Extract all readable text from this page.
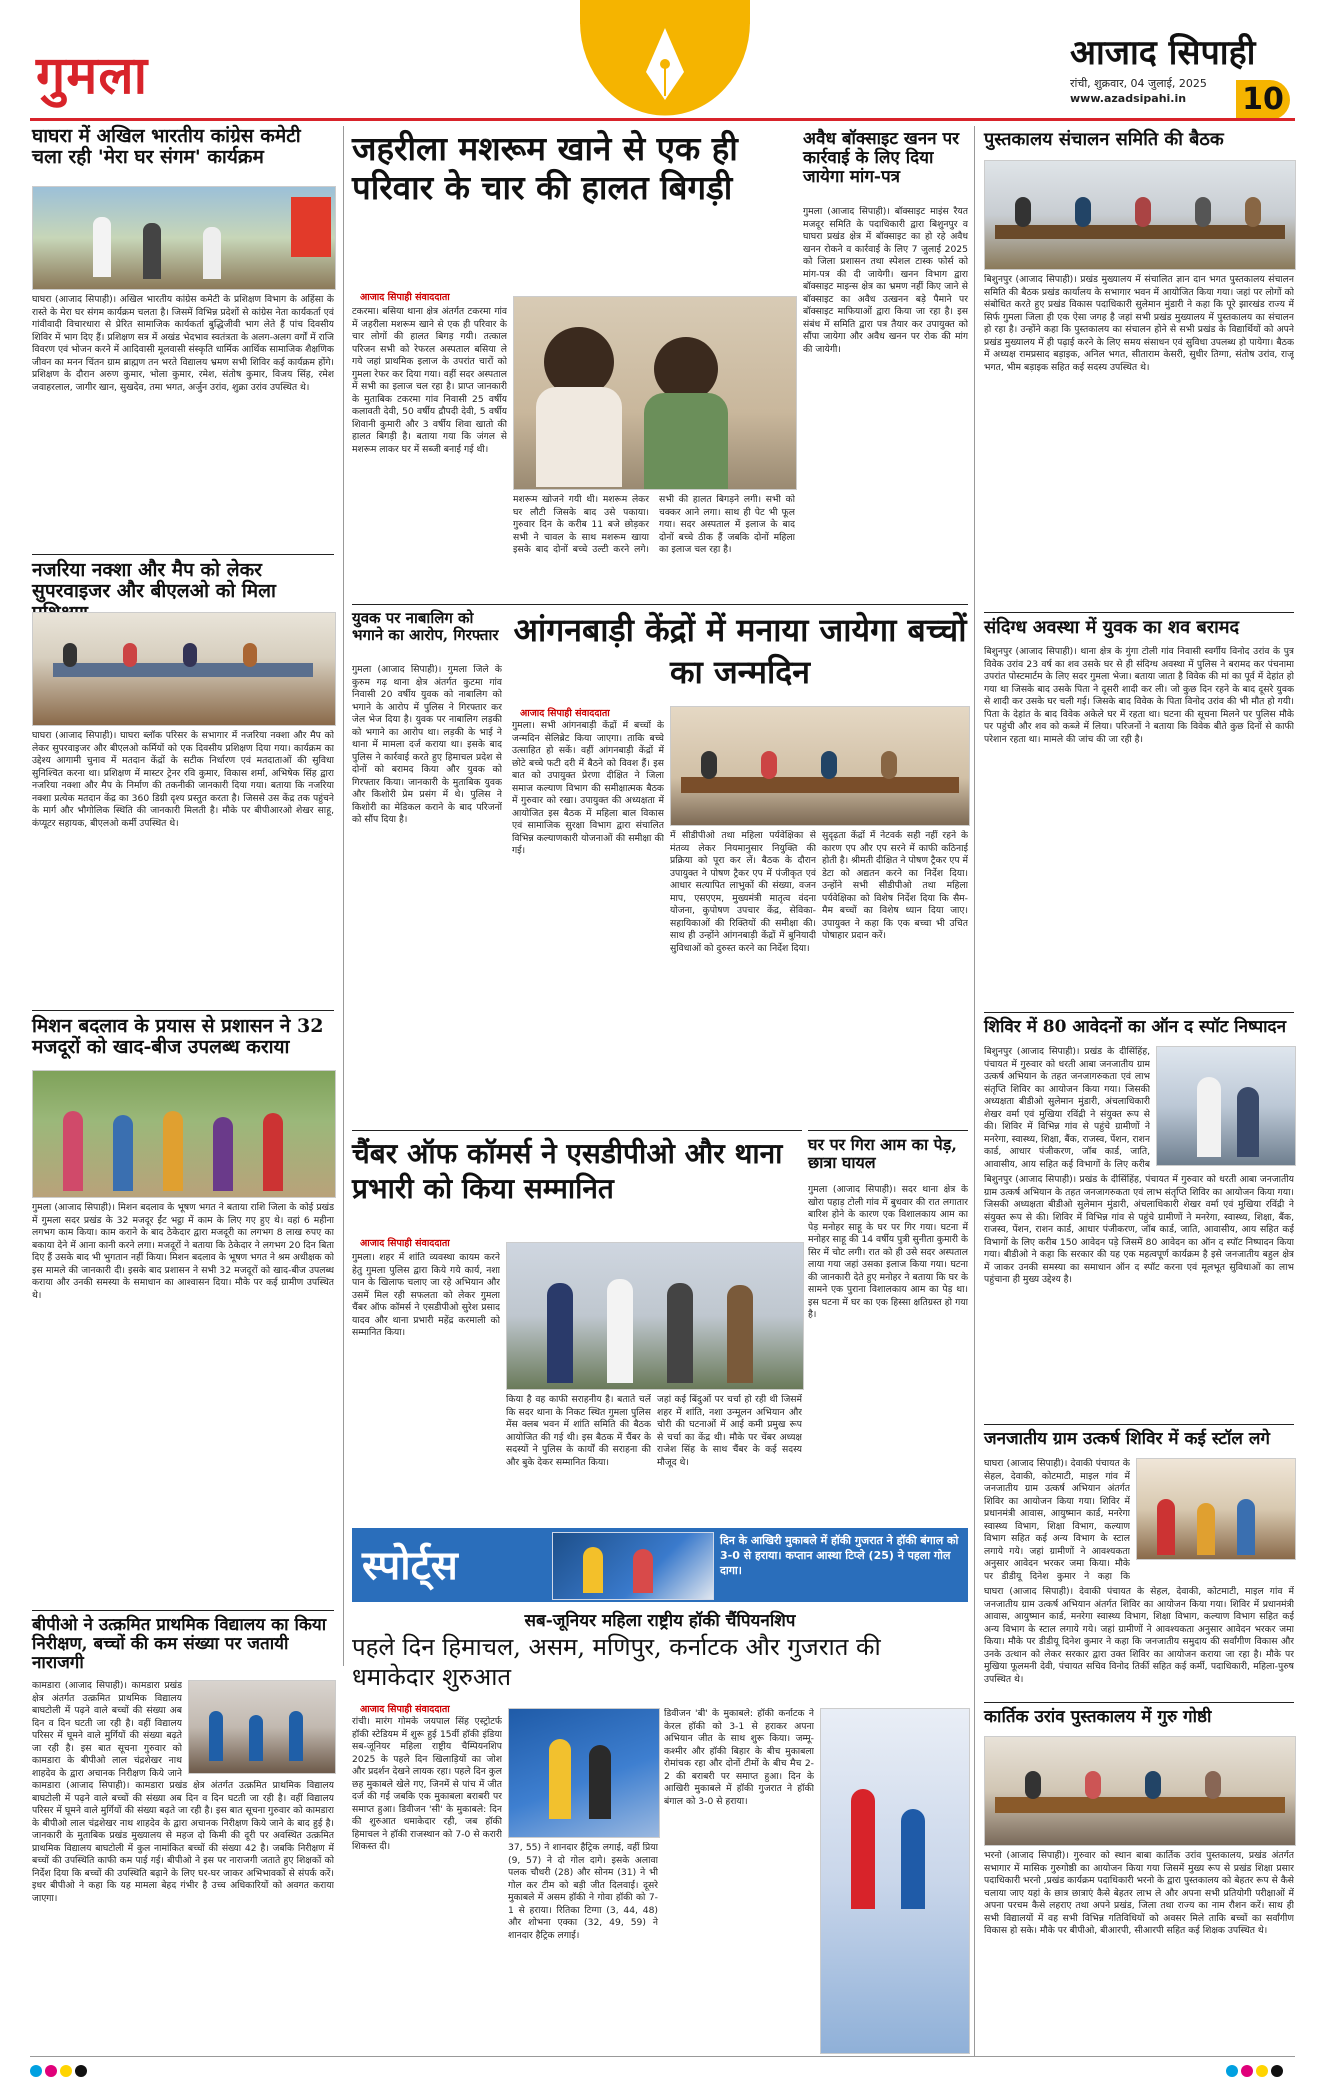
गुमला	आजाद सिपाही
रांची, शुक्रवार, 04 जुलाई, 2025
www.azadsipahi.in 10
घाघरा में अखिल भारतीय कांग्रेस कमेटी चला रही 'मेरा घर संगम' कार्यक्रम

घाघरा (आजाद सिपाही)। अखिल भारतीय कांग्रेस कमेटी के प्रशिक्षण विभाग के अहिंसा के रास्ते के मेरा घर संगम कार्यक्रम चलता है। जिसमें विभिन्न प्रदेशों से कांग्रेस नेता कार्यकर्ता एवं गांवीवादी विचारधारा से प्रेरित सामाजिक कार्यकर्ता बुद्धिजीवी भाग लेते हैं पांच दिवसीय शिविर में भाग दिए हैं। प्रशिक्षण सत्र में अखंड भेदभाव स्वतंत्रता के अलग-अलग वर्गों में राजि विवरण एवं भोजन करने में आदिवासी मूलवासी संस्कृति धार्मिक आर्थिक सामाजिक शैक्षणिक जीवन का मनन चिंतन ग्राम ब्राह्मण तन भरते विद्यालय भ्रमण सभी शिविर कई कार्यक्रम होंगे। प्रशिक्षण के दौरान अरुण कुमार, भोला कुमार, रमेश, संतोष कुमार, विजय सिंह, रमेश जवाहरलाल, जागीर खान, सुखदेव, तमा भगत, अर्जुन उरांव, शुक्रा उरांव उपस्थित थे।

नजरिया नक्शा और मैप को लेकर सुपरवाइजर और बीएलओ को मिला

घाघरा (आजाद सिपाही)। घाघरा ब्लॉक परिसर के सभागार में नजरिया नक्शा और मैप को लेकर सुपरवाइजर और बीएलओ कर्मियों को एक दिवसीय प्रशिक्षण दिया गया। कार्यक्रम का उद्देश्य आगामी चुनाव में मतदान केंद्रों के सटीक निर्धारण एवं मतदाताओं की सुविधा सुनिश्चित करना था। प्रशिक्षण में मास्टर ट्रेनर रवि कुमार, विकास शर्मा, अभिषेक सिंह द्वारा नजरिया नक्शा और मैप के निर्माण की तकनीकी जानकारी दिया गया। बताया कि नजरिया नक्शा प्रत्येक मतदान केंद्र का 360 डिग्री दृश्य प्रस्तुत करता है। जिससे उस केंद्र तक पहुंचने के मार्ग और भौगोलिक स्थिति की जानकारी मिलती है। मौके पर बीपीआरओ शेखर साहू, कंप्यूटर सहायक, बीएलओ कर्मी उपस्थित थे।

मिशन बदलाव के प्रयास से प्रशासन ने 32 मजदूरों को खाद-बीज उपलब्ध कराया

गुमला (आजाद सिपाही)। मिशन बदलाव के भूषण भगत ने बताया राशि जिला के कोई प्रखंड में गुमला सदर प्रखंड के 32 मजदूर ईंट भट्ठा में काम के लिए गए हुए थे। वहां 6 महीना लगभग काम किया। काम कराने के बाद ठेकेदार द्वारा मजदूरी का लगभग 8 लाख रुपए का बकाया देने में आना कानी करने लगा। मजदूरों ने बताया कि ठेकेदार ने लगभग 20 दिन बिता दिए हैं उसके बाद भी भुगतान नहीं किया। मिशन बदलाव के भूषण भगत ने श्रम अधीक्षक को इस मामले की जानकारी दी। इसके बाद प्रशासन ने सभी 32 मजदूरों को खाद-बीज उपलब्ध कराया और उनकी समस्या के समाधान का आश्वासन दिया। मौके पर कई ग्रामीण उपस्थित थे।

बीपीओ ने उत्क्रमित प्राथमिक विद्यालय का किया निरीक्षण, बच्चों की कम संख्या पर जतायी नाराजगी

कामडारा (आजाद सिपाही)। कामडारा प्रखंड क्षेत्र अंतर्गत उत्क्रमित प्राथमिक विद्यालय बाघटोली में पढ़ने वाले बच्चों की संख्या अब दिन व दिन घटती जा रही है। वहीं विद्यालय परिसर में घूमने वाले मुर्गियों की संख्या बढ़ते जा रही है। इस बात सूचना गुरुवार को कामडारा के बीपीओ लाल चंद्रशेखर नाथ शाहदेव के द्वारा अचानक निरीक्षण किये जाने

कामडारा (आजाद सिपाही)। कामडारा प्रखंड क्षेत्र अंतर्गत उत्क्रमित प्राथमिक विद्यालय बाघटोली में पढ़ने वाले बच्चों की संख्या अब दिन व दिन घटती जा रही है। वहीं विद्यालय परिसर में घूमने वाले मुर्गियों की संख्या बढ़ते जा रही है। इस बात सूचना गुरुवार को कामडारा के बीपीओ लाल चंद्रशेखर नाथ शाहदेव के द्वारा अचानक निरीक्षण किये जाने के बाद हुई है। जानकारी के मुताबिक प्रखंड मुख्यालय से महज दो किमी की दूरी पर अवस्थित उत्क्रमित प्राथमिक विद्यालय बाघटोली में कुल नामांकित बच्चों की संख्या 42 है। जबकि निरीक्षण में बच्चों की उपस्थिति काफी कम पाई गई। बीपीओ ने इस पर नाराजगी जताते हुए शिक्षकों को निर्देश दिया कि बच्चों की उपस्थिति बढ़ाने के लिए घर-घर जाकर अभिभावकों से संपर्क करें। इधर बीपीओ ने कहा कि यह मामला बेहद गंभीर है उच्च अधिकारियों को अवगत कराया जाएगा।

जहरीला मशरूम खाने से एक ही परिवार के चार की हालत बिगड़ी
आजाद सिपाही संवाददाता

टकरमा। बसिया थाना क्षेत्र अंतर्गत टकरमा गांव में जहरीला मशरूम खाने से एक ही परिवार के चार लोगों की हालत बिगड़ गयी। तत्काल परिजन सभी को रेफरल अस्पताल बसिया ले गये जहां प्राथमिक इलाज के उपरांत चारों को गुमला रेफर कर दिया गया। वहीं सदर अस्पताल में सभी का इलाज चल रहा है। प्राप्त जानकारी के मुताबिक टकरमा गांव निवासी 25 वर्षीय कलावती देवी, 50 वर्षीय द्रौपदी देवी, 5 वर्षीय शिवानी कुमारी और 3 वर्षीय शिवा खातो की हालत बिगड़ी है। बताया गया कि जंगल से मशरूम लाकर घर में सब्जी बनाई गई थी।

मशरूम खोजने गयी थी। मशरूम लेकर घर लौटी जिसके बाद उसे पकाया। गुरुवार दिन के करीब 11 बजे छोड़कर सभी ने चावल के साथ मशरूम खाया इसके बाद दोनों बच्चे उल्टी करने लगे। सभी की हालत बिगड़ने लगी। सभी को चक्कर आने लगा। साथ ही पेट भी फूल गया। सदर अस्पताल में इलाज के बाद दोनों बच्चे ठीक हैं जबकि दोनों महिला का इलाज चल रहा है।

अवैध बॉक्साइट खनन पर कार्रवाई के लिए दिया जायेगा मांग-पत्र

गुमला (आजाद सिपाही)। बॉक्साइट माइंस रैयत मजदूर समिति के पदाधिकारी द्वारा बिशुनपुर व घाघरा प्रखंड क्षेत्र में बॉक्साइट का हो रहे अवैध खनन रोकने व कार्रवाई के लिए 7 जुलाई 2025 को जिला प्रशासन तथा स्पेशल टास्क फोर्स को मांग-पत्र की दी जायेगी। खनन विभाग द्वारा बॉक्साइट माइन्स क्षेत्र का भ्रमण नहीं किए जाने से बॉक्साइट का अवैध उत्खनन बड़े पैमाने पर बॉक्साइट माफियाओं द्वारा किया जा रहा है। इस संबंध में समिति द्वारा पत्र तैयार कर उपायुक्त को सौंपा जायेगा और अवैध खनन पर रोक की मांग की जायेगी।

युवक पर नाबालिग को भगाने का आरोप, गिरफ्तार

गुमला (आजाद सिपाही)। गुमला जिले के कुरुम गढ़ थाना क्षेत्र अंतर्गत कुटमा गांव निवासी 20 वर्षीय युवक को नाबालिग को भगाने के आरोप में पुलिस ने गिरफ्तार कर जेल भेज दिया है। युवक पर नाबालिग लड़की को भगाने का आरोप था। लड़की के भाई ने थाना में मामला दर्ज कराया था। इसके बाद पुलिस ने कार्रवाई करते हुए हिमाचल प्रदेश से दोनों को बरामद किया और युवक को गिरफ्तार किया। जानकारी के मुताबिक युवक और किशोरी प्रेम प्रसंग में थे। पुलिस ने किशोरी का मेडिकल कराने के बाद परिजनों को सौंप दिया है।

आंगनबाड़ी केंद्रों में मनाया जायेगा बच्चों का जन्मदिन
आजाद सिपाही संवाददाता

गुमला। सभी आंगनबाड़ी केंद्रों में बच्चों के जन्मदिन सेलिब्रेट किया जाएगा। ताकि बच्चे उत्साहित हो सकें। वहीं आंगनबाड़ी केंद्रों में छोटे बच्चे फटी दरी में बैठने को विवश हैं। इस बात को उपायुक्त प्रेरणा दीक्षित ने जिला समाज कल्याण विभाग की समीक्षात्मक बैठक में गुरुवार को रखा। उपायुक्त की अध्यक्षता में आयोजित इस बैठक में महिला बाल विकास एवं सामाजिक सुरक्षा विभाग द्वारा संचालित विभिन्न कल्याणकारी योजनाओं की समीक्षा की गई।

में सीडीपीओ तथा महिला पर्यवेक्षिका से मंतव्य लेकर नियमानुसार नियुक्ति की प्रक्रिया को पूरा कर लें। बैठक के दौरान उपायुक्त ने पोषण ट्रैकर एप में पंजीकृत एवं आधार सत्यापित लाभुकों की संख्या, वजन माप, एसएएम, मुख्यमंत्री मातृत्व वंदना योजना, कुपोषण उपचार केंद्र, सेविका-सहायिकाओं की रिक्तियों की समीक्षा की। साथ ही उन्होंने आंगनबाड़ी केंद्रों में बुनियादी सुविधाओं को दुरुस्त करने का निर्देश दिया।

सुदृढ़ता केंद्रों में नेटवर्क सही नहीं रहने के कारण एप और एप सरने में काफी कठिनाई होती है। श्रीमती दीक्षित ने पोषण ट्रैकर एप में डेटा को अद्यतन करने का निर्देश दिया। उन्होंने सभी सीडीपीओ तथा महिला पर्यवेक्षिका को विशेष निर्देश दिया कि सैम-मैम बच्चों का विशेष ध्यान दिया जाए। उपायुक्त ने कहा कि एक बच्चा भी उचित पोषाहार प्रदान करें।

चैंबर ऑफ कॉमर्स ने एसडीपीओ और थाना प्रभारी को किया सम्मानित
आजाद सिपाही संवाददाता

गुमला। शहर में शांति व्यवस्था कायम करने हेतु गुमला पुलिस द्वारा किये गये कार्य, नशा पान के खिलाफ चलाए जा रहे अभियान और उसमें मिल रही सफलता को लेकर गुमला चैंबर ऑफ कॉमर्स ने एसडीपीओ सुरेश प्रसाद यादव और थाना प्रभारी महेंद्र करमाली को सम्मानित किया।

किया है वह काफी सराहनीय है। बताते चलें कि सदर थाना के निकट स्थित गुमला पुलिस मेंस क्लब भवन में शांति समिति की बैठक आयोजित की गई थी। इस बैठक में चैंबर के सदस्यों ने पुलिस के कार्यों की सराहना की और बुके देकर सम्मानित किया।

जहां कई बिंदुओं पर चर्चा हो रही थी जिसमें शहर में शांति, नशा उन्मूलन अभियान और चोरी की घटनाओं में आई कमी प्रमुख रूप से चर्चा का केंद्र थी। मौके पर चेंबर अध्यक्ष राजेश सिंह के साथ चैंबर के कई सदस्य मौजूद थे।

घर पर गिरा आम का पेड़, छात्रा घायल

गुमला (आजाद सिपाही)। सदर थाना क्षेत्र के खोरा पहाड़ टोली गांव में बुधवार की रात लगातार बारिश होने के कारण एक विशालकाय आम का पेड़ मनोहर साहू के घर पर गिर गया। घटना में मनोहर साहू की 14 वर्षीय पुत्री सुनीता कुमारी के सिर में चोट लगी। रात को ही उसे सदर अस्पताल लाया गया जहां उसका इलाज किया गया। घटना की जानकारी देते हुए मनोहर ने बताया कि घर के सामने एक पुराना विशालकाय आम का पेड़ था। इस घटना में घर का एक हिस्सा क्षतिग्रस्त हो गया है।

स्पोर्ट्स
दिन के आखिरी मुकाबले में हॉकी गुजरात ने हॉकी बंगाल को 3-0 से हराया। कप्तान आस्था टिप्ले (25) ने पहला गोल दागा।
सब-जूनियर महिला राष्ट्रीय हॉकी चैंपियनशिप
पहले दिन हिमाचल, असम, मणिपुर, कर्नाटक और गुजरात की धमाकेदार शुरुआत
आजाद सिपाही संवाददाता

रांची। मारंग गोमके जयपाल सिंह एस्ट्रोटर्फ हॉकी स्टेडियम में शुरू हुई 15वीं हॉकी इंडिया सब-जूनियर महिला राष्ट्रीय चैम्पियनशिप 2025 के पहले दिन खिलाड़ियों का जोश और प्रदर्शन देखने लायक रहा। पहले दिन कुल छह मुकाबले खेले गए, जिनमें से पांच में जीत दर्ज की गई जबकि एक मुकाबला बराबरी पर समाप्त हुआ। डिवीजन 'सी' के मुकाबले: दिन की शुरुआत धमाकेदार रही, जब हॉकी हिमाचल ने हॉकी राजस्थान को 7-0 से करारी शिकस्त दी।	37, 55) ने शानदार हैट्रिक लगाई, वहीं प्रिया (9, 57) ने दो गोल दागे। इसके अलावा पलक चौधरी (28) और सोनम (31) ने भी गोल कर टीम को बड़ी जीत दिलवाई। दूसरे मुकाबले में असम हॉकी ने गोवा हॉकी को 7-1 से हराया। रितिका टिग्गा (3, 44, 48) और शोभना एक्का (32, 49, 59) ने शानदार हैट्रिक लगाई।

डिवीजन 'बी' के मुकाबले: हॉकी कर्नाटक ने केरल हॉकी को 3-1 से हराकर अपना अभियान जीत के साथ शुरू किया। जम्मू-कश्मीर और हॉकी बिहार के बीच मुकाबला रोमांचक रहा और दोनों टीमों के बीच मैच 2-2 की बराबरी पर समाप्त हुआ। दिन के आखिरी मुकाबले में हॉकी गुजरात ने हॉकी बंगाल को 3-0 से हराया।

पुस्तकालय संचालन समिति की बैठक

बिशुनपुर (आजाद सिपाही)। प्रखंड मुख्यालय में संचालित ज्ञान दान भगत पुस्तकालय संचालन समिति की बैठक प्रखंड कार्यालय के सभागार भवन में आयोजित किया गया। जहां पर लोगों को संबोधित करते हुए प्रखंड विकास पदाधिकारी सुलेमान मुंडारी ने कहा कि पूरे झारखंड राज्य में सिर्फ गुमला जिला ही एक ऐसा जगह है जहां सभी प्रखंड मुख्यालय में पुस्तकालय का संचालन हो रहा है। उन्होंने कहा कि पुस्तकालय का संचालन होने से सभी प्रखंड के विद्यार्थियों को अपने प्रखंड मुख्यालय में ही पढ़ाई करने के लिए समय संसाधन एवं सुविधा उपलब्ध हो पायेगा। बैठक में अध्यक्ष रामप्रसाद बड़ाइक, अनिल भगत, सीताराम केसरी, सुधीर तिग्गा, संतोष उरांव, राजू भगत, भीम बड़ाइक सहित कई सदस्य उपस्थित थे।

संदिग्ध अवस्था में युवक का शव बरामद

बिशुनपुर (आजाद सिपाही)। थाना क्षेत्र के गुंगा टोली गांव निवासी स्वर्गीय विनोद उरांव के पुत्र विवेक उरांव 23 वर्ष का शव उसके घर से ही संदिग्ध अवस्था में पुलिस ने बरामद कर पंचनामा उपरांत पोस्टमार्टम के लिए सदर गुमला भेजा। बताया जाता है विवेक की मां का पूर्व में देहांत हो गया था जिसके बाद उसके पिता ने दूसरी शादी कर ली। जो कुछ दिन रहने के बाद दूसरे युवक से शादी कर उसके घर चली गई। जिसके बाद विवेक के पिता विनोद उरांव की भी मौत हो गयी। पिता के देहांत के बाद विवेक अकेले घर में रहता था। घटना की सूचना मिलने पर पुलिस मौके पर पहुंची और शव को कब्जे में लिया। परिजनों ने बताया कि विवेक बीते कुछ दिनों से काफी परेशान रहता था। मामले की जांच की जा रही है।

शिविर में 80 आवेदनों का ऑन द स्पॉट निष्पादन

बिशुनपुर (आजाद सिपाही)। प्रखंड के दीसिंहिंह, पंचायत में गुरुवार को धरती आबा जनजातीय ग्राम उत्कर्ष अभियान के तहत जनजागरुकता एवं लाभ संतृप्ति शिविर का आयोजन किया गया। जिसकी अध्यक्षता बीडीओ सुलेमान मुंडारी, अंचलाधिकारी शेखर वर्मा एवं मुखिया रविंद्री ने संयुक्त रूप से की। शिविर में विभिन्न गांव से पहुंचे ग्रामीणों ने मनरेगा, स्वास्थ्य, शिक्षा, बैंक, राजस्व, पेंशन, राशन कार्ड, आधार पंजीकरण, जॉब कार्ड, जाति, आवासीय, आय सहित कई विभागों के लिए करीब

बिशुनपुर (आजाद सिपाही)। प्रखंड के दीसिंहिंह, पंचायत में गुरुवार को धरती आबा जनजातीय ग्राम उत्कर्ष अभियान के तहत जनजागरुकता एवं लाभ संतृप्ति शिविर का आयोजन किया गया। जिसकी अध्यक्षता बीडीओ सुलेमान मुंडारी, अंचलाधिकारी शेखर वर्मा एवं मुखिया रविंद्री ने संयुक्त रूप से की। शिविर में विभिन्न गांव से पहुंचे ग्रामीणों ने मनरेगा, स्वास्थ्य, शिक्षा, बैंक, राजस्व, पेंशन, राशन कार्ड, आधार पंजीकरण, जॉब कार्ड, जाति, आवासीय, आय सहित कई विभागों के लिए करीब 150 आवेदन पड़े जिसमें 80 आवेदन का ऑन द स्पॉट निष्पादन किया गया। बीडीओ ने कहा कि सरकार की यह एक महत्वपूर्ण कार्यक्रम है इसे जनजातीय बहुल क्षेत्र में जाकर उनकी समस्या का समाधान ऑन द स्पॉट करना एवं मूलभूत सुविधाओं का लाभ पहुंचाना ही मुख्य उद्देश्य है।

जनजातीय ग्राम उत्कर्ष शिविर में कई स्टॉल लगे

घाघरा (आजाद सिपाही)। देवाकी पंचायत के सेहल, देवाकी, कोटमाटी, माइल गांव में जनजातीय ग्राम उत्कर्ष अभियान अंतर्गत शिविर का आयोजन किया गया। शिविर में प्रधानमंत्री आवास, आयुष्मान कार्ड, मनरेगा स्वास्थ्य विभाग, शिक्षा विभाग, कल्याण विभाग सहित कई अन्य विभाग के स्टाल लगाये गये। जहां ग्रामीणों ने आवश्यकता अनुसार आवेदन भरकर जमा किया। मौके पर डीडीयू दिनेश कुमार ने कहा कि

घाघरा (आजाद सिपाही)। देवाकी पंचायत के सेहल, देवाकी, कोटमाटी, माइल गांव में जनजातीय ग्राम उत्कर्ष अभियान अंतर्गत शिविर का आयोजन किया गया। शिविर में प्रधानमंत्री आवास, आयुष्मान कार्ड, मनरेगा स्वास्थ्य विभाग, शिक्षा विभाग, कल्याण विभाग सहित कई अन्य विभाग के स्टाल लगाये गये। जहां ग्रामीणों ने आवश्यकता अनुसार आवेदन भरकर जमा किया। मौके पर डीडीयू दिनेश कुमार ने कहा कि जनजातीय समुदाय की सर्वांगीण विकास और उनके उत्थान को लेकर सरकार द्वारा उक्त शिविर का आयोजन कराया जा रहा है। मौके पर मुखिया फूलमनी देवी, पंचायत सचिव विनोद तिर्की सहित कई कर्मी, पदाधिकारी, महिला-पुरुष उपस्थित थे।

कार्तिक उरांव पुस्तकालय में गुरु गोष्ठी

भरनो (आजाद सिपाही)। गुरुवार को स्थान बाबा कार्तिक उरांव पुस्तकालय, प्रखंड अंतर्गत सभागार में मासिक गुरुगोष्ठी का आयोजन किया गया जिसमें मुख्य रूप से प्रखंड शिक्षा प्रसार पदाधिकारी भरनो ,प्रखंड कार्यक्रम पदाधिकारी भरनो के द्वारा पुस्तकालय को बेहतर रूप से कैसे चलाया जाए यहां के छात्र छात्राएं कैसे बेहतर लाभ ले और अपना सभी प्रतियोगी परीक्षाओं में अपना परचम कैसे लहराए तथा अपने प्रखंड, जिला तथा राज्य का नाम रौशन करें। साथ ही सभी विद्यालयों में वह सभी विभिन्न गतिविधियों को अवसर मिले ताकि बच्चों का सर्वांगीण विकास हो सके। मौके पर बीपीओ, बीआरपी, सीआरपी सहित कई शिक्षक उपस्थित थे।
